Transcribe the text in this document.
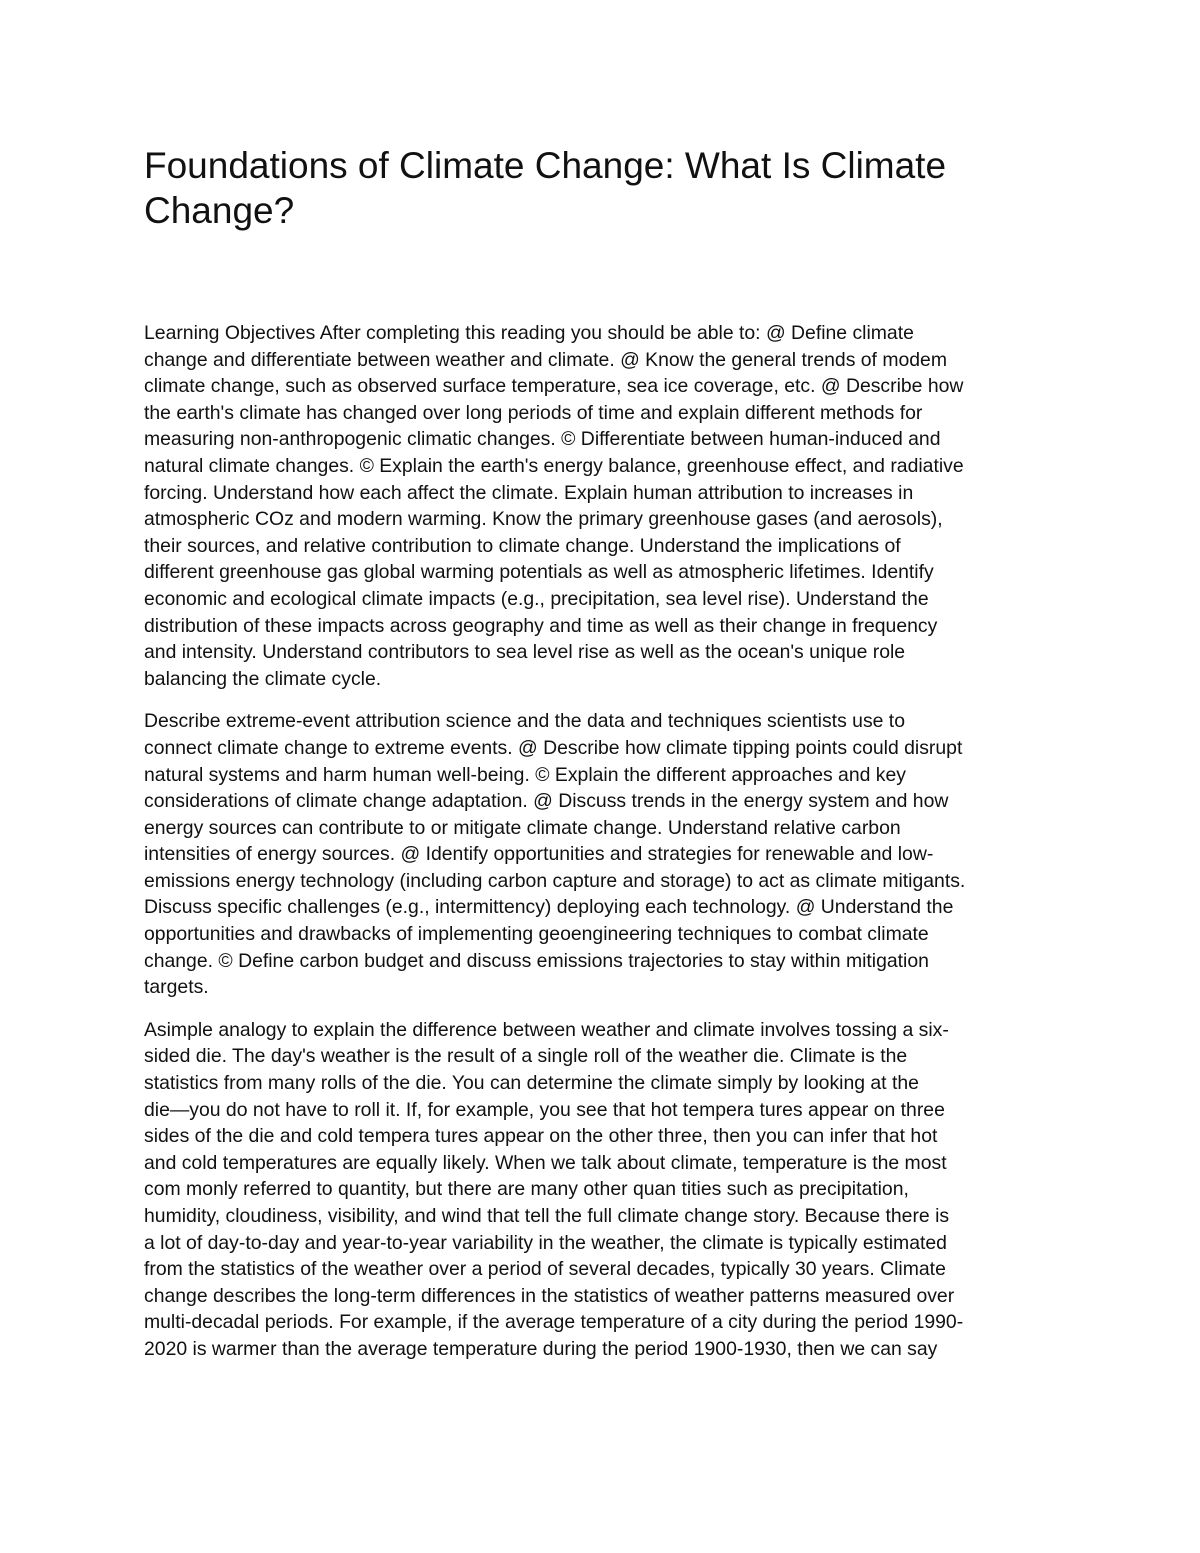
Foundations of Climate Change: What Is Climate
Change?

Learning Objectives After completing this reading you should be able to: @ Define climate
change and differentiate between weather and climate. @ Know the general trends of modem
climate change, such as observed surface temperature, sea ice coverage, etc. @ Describe how
the earth's climate has changed over long periods of time and explain different methods for
measuring non-anthropogenic climatic changes. © Differentiate between human-induced and
natural climate changes. © Explain the earth's energy balance, greenhouse effect, and radiative
forcing. Understand how each affect the climate. Explain human attribution to increases in
atmospheric COz and modern warming. Know the primary greenhouse gases (and aerosols),
their sources, and relative contribution to climate change. Understand the implications of
different greenhouse gas global warming potentials as well as atmospheric lifetimes. Identify
economic and ecological climate impacts (e.g., precipitation, sea level rise). Understand the
distribution of these impacts across geography and time as well as their change in frequency
and intensity. Understand contributors to sea level rise as well as the ocean's unique role
balancing the climate cycle.

Describe extreme-event attribution science and the data and techniques scientists use to
connect climate change to extreme events. @ Describe how climate tipping points could disrupt
natural systems and harm human well-being. © Explain the different approaches and key
considerations of climate change adaptation. @ Discuss trends in the energy system and how
energy sources can contribute to or mitigate climate change. Understand relative carbon
intensities of energy sources. @ Identify opportunities and strategies for renewable and low-
emissions energy technology (including carbon capture and storage) to act as climate mitigants.
Discuss specific challenges (e.g., intermittency) deploying each technology. @ Understand the
opportunities and drawbacks of implementing geoengineering techniques to combat climate
change. © Define carbon budget and discuss emissions trajectories to stay within mitigation
targets.

Asimple analogy to explain the difference between weather and climate involves tossing a six-
sided die. The day's weather is the result of a single roll of the weather die. Climate is the
statistics from many rolls of the die. You can determine the climate simply by looking at the
die—you do not have to roll it. If, for example, you see that hot tempera tures appear on three
sides of the die and cold tempera tures appear on the other three, then you can infer that hot
and cold temperatures are equally likely. When we talk about climate, temperature is the most
com monly referred to quantity, but there are many other quan tities such as precipitation,
humidity, cloudiness, visibility, and wind that tell the full climate change story. Because there is
a lot of day-to-day and year-to-year variability in the weather, the climate is typically estimated
from the statistics of the weather over a period of several decades, typically 30 years. Climate
change describes the long-term differences in the statistics of weather patterns measured over
multi-decadal periods. For example, if the average temperature of a city during the period 1990-
2020 is warmer than the average temperature during the period 1900-1930, then we can say
